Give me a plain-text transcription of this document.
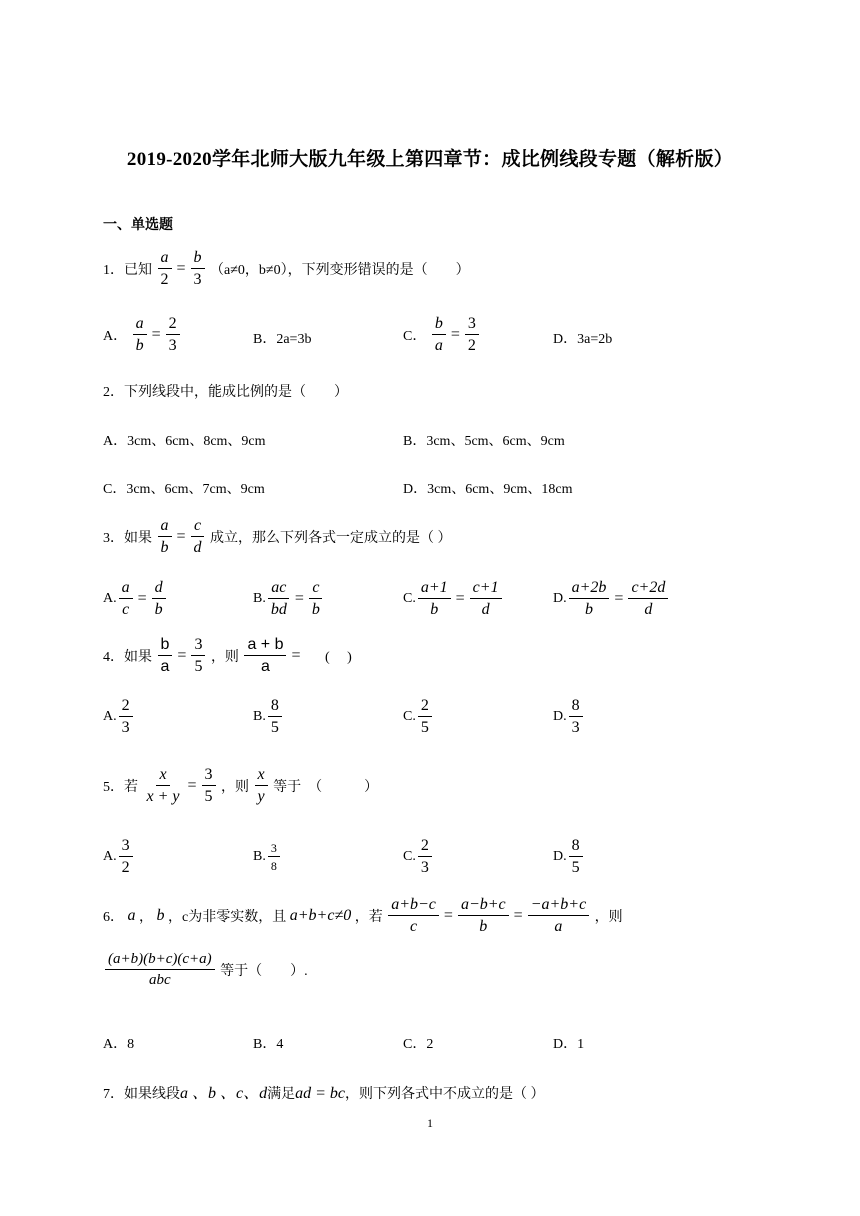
2019-2020学年北师大版九年级上第四章节：成比例线段专题（解析版）
一、单选题
1．已知 $\frac{a}{2} = \frac{b}{3} (a\ne 0$，b≠0），下列变形错误的是（　　）
A． $\frac{a}{b} = \frac{2}{3}$	B．2a=3b	C． $\frac{b}{a} = \frac{3}{2}$	D．3a=2b
2．下列线段中，能成比例的是（　　）
A．3cm、6cm、8cm、9cm	B．3cm、5cm、6cm、9cm
C．3cm、6cm、7cm、9cm	D．3cm、6cm、9cm、18cm
3．如果 $\frac{a}{b} = \frac{c}{d}$ 成立，那么下列各式一定成立的是（ ）
A. $\frac{a}{c} = \frac{d}{b}$	B. $\frac{ac}{bd} = \frac{c}{b}$	C. $\frac{a+1}{b} = \frac{c+1}{d}$	D. $\frac{a+2b}{b} = \frac{c+2d}{d}$
4．如果 $\frac{b}{a} = \frac{3}{5}$ ，则 $\frac{a + b}{a}$ = (　 )
A. $\frac{2}{3}$	B. $\frac{8}{5}$	C. $\frac{2}{5}$	D. $\frac{8}{3}$
5．若 $\frac{x}{x + y} = \frac{3}{5}$ ，则 $\frac{x}{y}$ 等于　（　　　）
A. $\frac{3}{2}$	B. $\frac{3}{8}$	C. $\frac{2}{3}$	D. $\frac{8}{5}$
6． a ， b ，c为非零实数，且 a+b+c≠0 ，若 $\frac{a+b-c}{c} = \frac{a-b+c}{b} = \frac{-a+b+c}{a}$ ，则
$\frac{(a+b)(b+c)(c+a)}{\text{abc}}$ 等于（　　）.
A．8	B．4	C．2	D．1
7．如果线段a 、b 、c、d满足ad = bc，则下列各式中不成立的是（ ）
1
